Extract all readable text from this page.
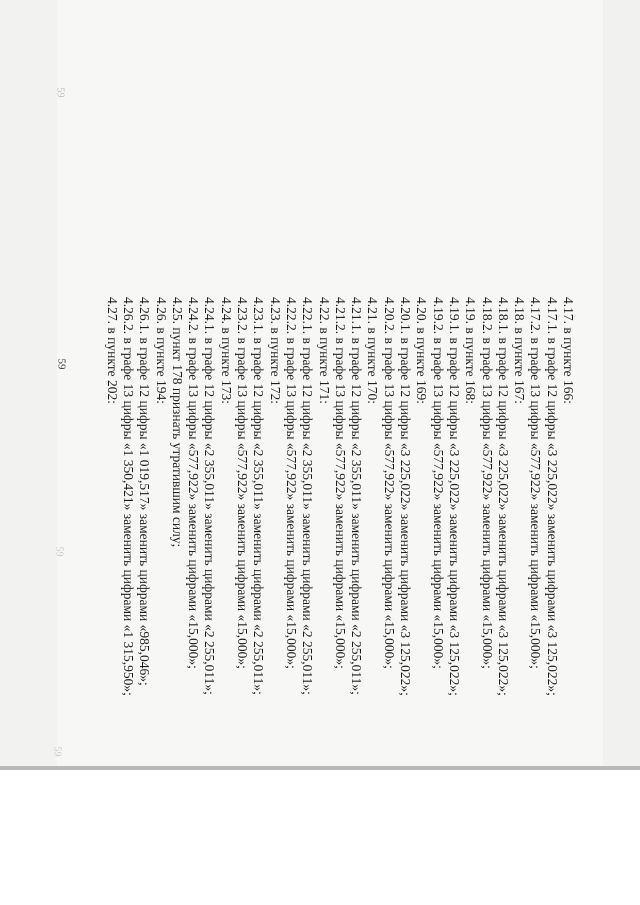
59
59
59
59
4.17. в пункте 166:
4.17.1. в графе 12 цифры «3 225,022» заменить цифрами «3 125,022»;
4.17.2. в графе 13 цифры «577,922» заменить цифрами «15,000»;
4.18. в пункте 167:
4.18.1. в графе 12 цифры «3 225,022» заменить цифрами «3 125,022»;
4.18.2. в графе 13 цифры «577,922» заменить цифрами «15,000»;
4.19. в пункте 168:
4.19.1. в графе 12 цифры «3 225,022» заменить цифрами «3 125,022»;
4.19.2. в графе 13 цифры «577,922» заменить цифрами «15,000»;
4.20. в пункте 169:
4.20.1. в графе 12 цифры «3 225,022» заменить цифрами «3 125,022»;
4.20.2. в графе 13 цифры «577,922» заменить цифрами «15,000»;
4.21. в пункте 170:
4.21.1. в графе 12 цифры «2 355,011» заменить цифрами «2 255,011»;
4.21.2. в графе 13 цифры «577,922» заменить цифрами «15,000»;
4.22. в пункте 171:
4.22.1. в графе 12 цифры «2 355,011» заменить цифрами «2 255,011»;
4.22.2. в графе 13 цифры «577,922» заменить цифрами «15,000»;
4.23. в пункте 172:
4.23.1. в графе 12 цифры «2 355,011» заменить цифрами «2 255,011»;
4.23.2. в графе 13 цифры «577,922» заменить цифрами «15,000»;
4.24. в пункте 173:
4.24.1. в графе 12 цифры «2 355,011» заменить цифрами «2 255,011»;
4.24.2. в графе 13 цифры «577,922» заменить цифрами «15,000»;
4.25. пункт 178 признать утратившим силу;
4.26. в пункте 194:
4.26.1. в графе 12 цифры «1 019,517» заменить цифрами «985,046»;
4.26.2. в графе 13 цифры «1 350,421» заменить цифрами «1 315,950»;
4.27. в пункте 202:
